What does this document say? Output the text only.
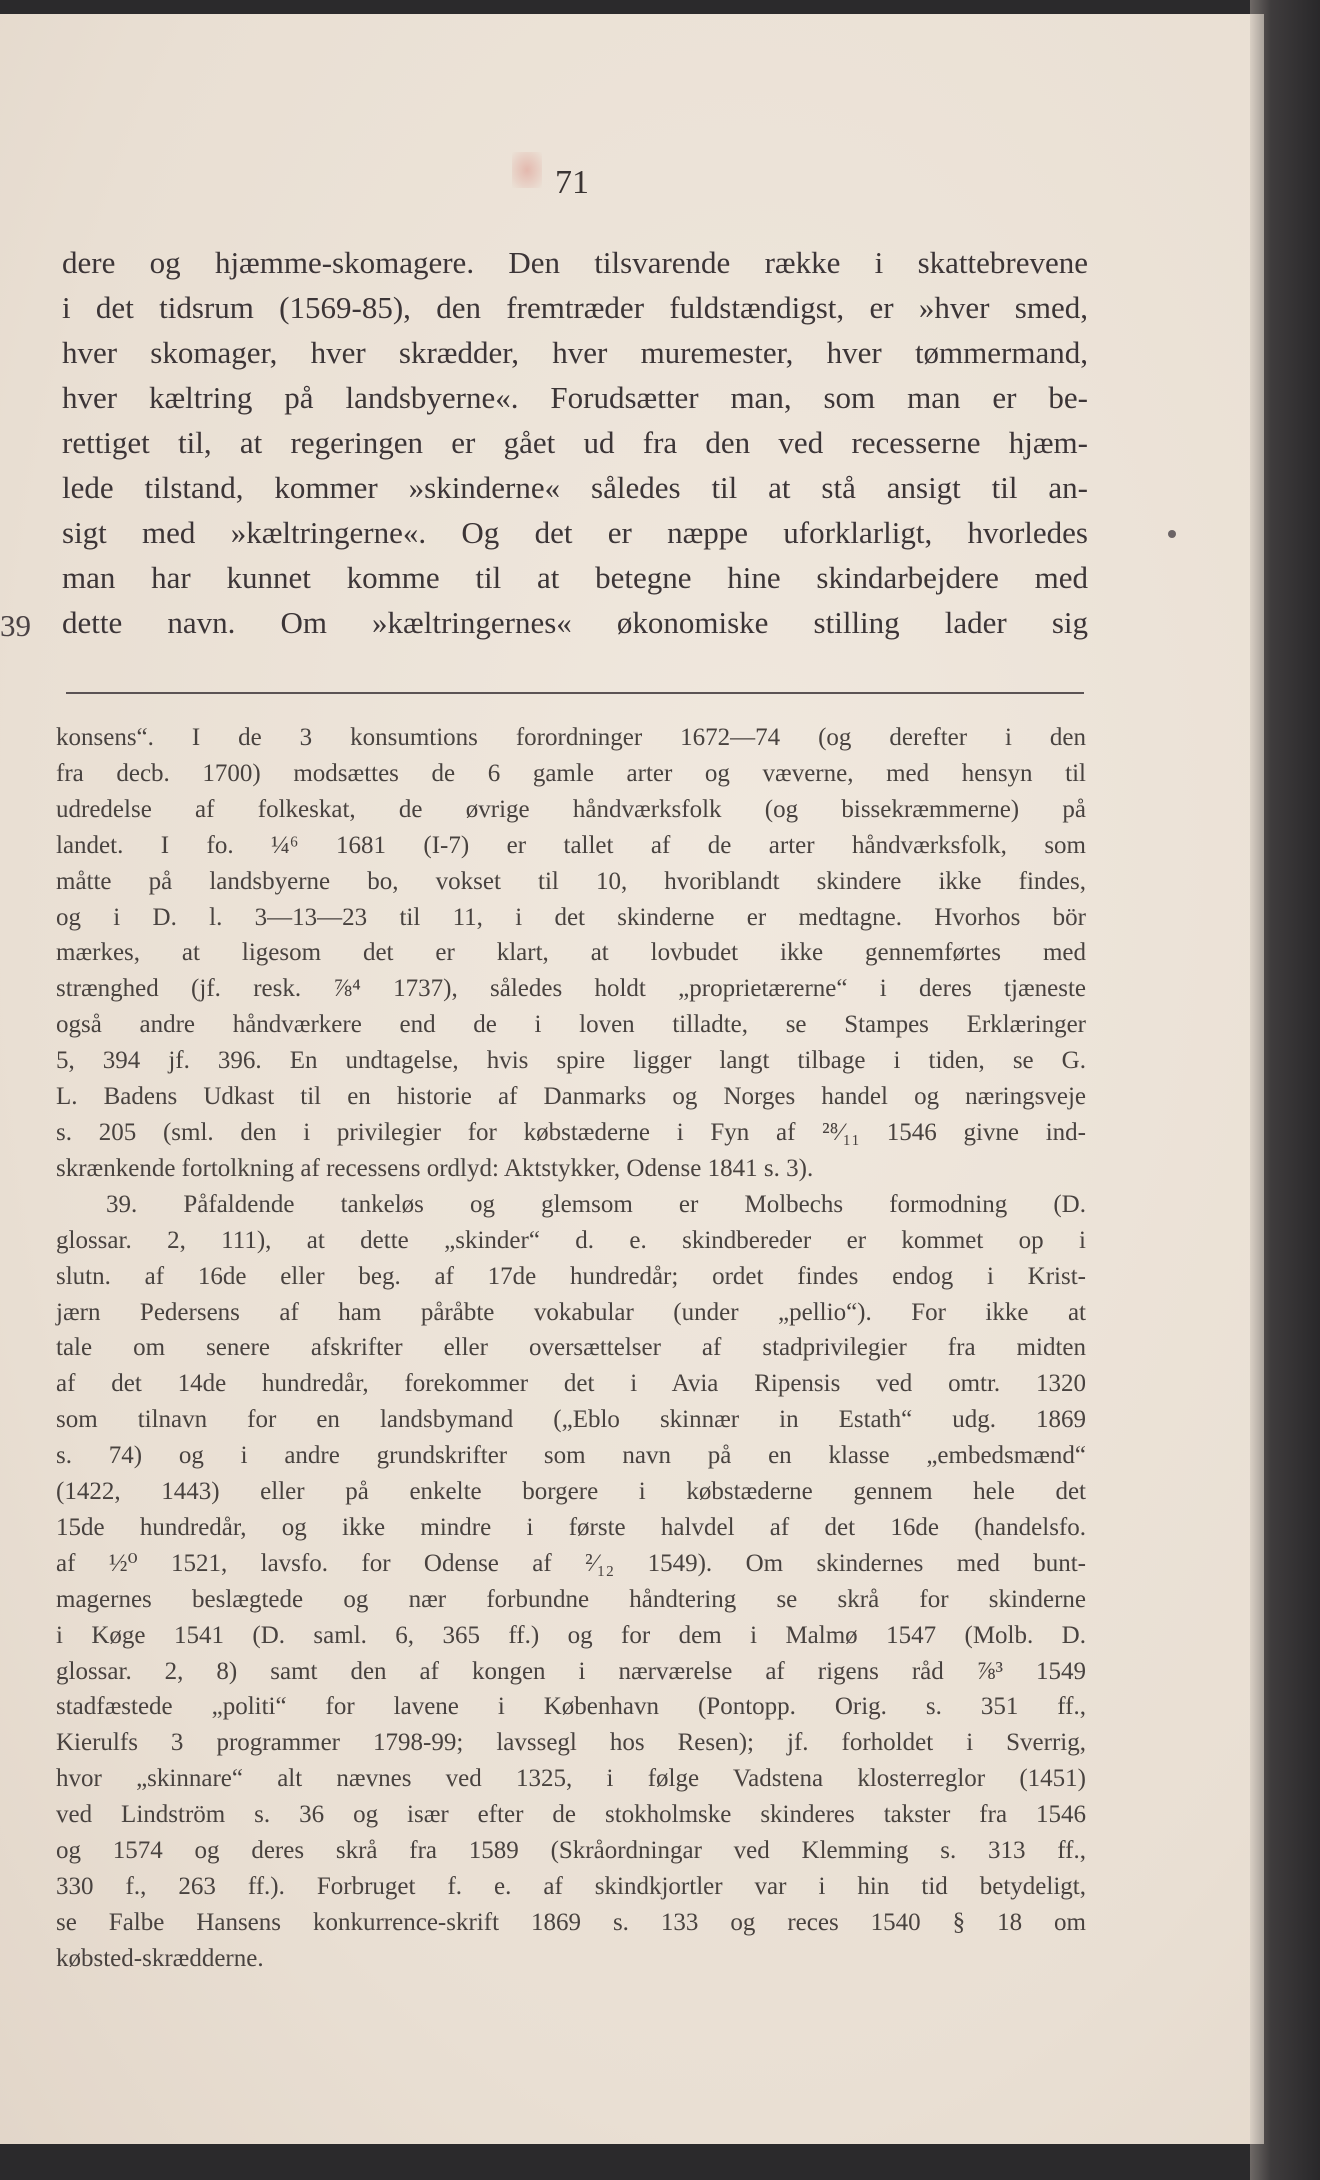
71
39
dere og hjæmme-skomagere. Den tilsvarende række i skattebrevene
i det tidsrum (1569-85), den fremtræder fuldstændigst, er »hver smed,
hver skomager, hver skrædder, hver muremester, hver tømmermand,
hver kæltring på landsbyerne«. Forudsætter man, som man er be-
rettiget til, at regeringen er gået ud fra den ved recesserne hjæm-
lede tilstand, kommer »skinderne« således til at stå ansigt til an-
sigt med »kæltringerne«. Og det er næppe uforklarligt, hvorledes
man har kunnet komme til at betegne hine skindarbejdere med
dette navn. Om »kæltringernes« økonomiske stilling lader sig
konsens“. I de 3 konsumtions forordninger 1672—74 (og derefter i den
fra decb. 1700) modsættes de 6 gamle arter og væverne, med hensyn til
udredelse af folkeskat, de øvrige håndværksfolk (og bissekræmmerne) på
landet. I fo. ¼⁶ 1681 (I-7) er tallet af de arter håndværksfolk, som
måtte på landsbyerne bo, vokset til 10, hvoriblandt skindere ikke findes,
og i D. l. 3—13—23 til 11, i det skinderne er medtagne. Hvorhos bör
mærkes, at ligesom det er klart, at lovbudet ikke gennemførtes med
strænghed (jf. resk. ⅞⁴ 1737), således holdt „proprietærerne“ i deres tjæneste
også andre håndværkere end de i loven tilladte, se Stampes Erklæringer
5, 394 jf. 396. En undtagelse, hvis spire ligger langt tilbage i tiden, se G.
L. Badens Udkast til en historie af Danmarks og Norges handel og næringsveje
s. 205 (sml. den i privilegier for købstæderne i Fyn af ²⁸⁄₁₁ 1546 givne ind-
skrænkende fortolkning af recessens ordlyd: Aktstykker, Odense 1841 s. 3).
39. Påfaldende tankeløs og glemsom er Molbechs formodning (D.
glossar. 2, 111), at dette „skinder“ d. e. skindbereder er kommet op i
slutn. af 16de eller beg. af 17de hundredår; ordet findes endog i Krist-
jærn Pedersens af ham påråbte vokabular (under „pellio“). For ikke at
tale om senere afskrifter eller oversættelser af stadprivilegier fra midten
af det 14de hundredår, forekommer det i Avia Ripensis ved omtr. 1320
som tilnavn for en landsbymand („Eblo skinnær in Estath“ udg. 1869
s. 74) og i andre grundskrifter som navn på en klasse „embedsmænd“
(1422, 1443) eller på enkelte borgere i købstæderne gennem hele det
15de hundredår, og ikke mindre i første halvdel af det 16de (handelsfo.
af ½⁰ 1521, lavsfo. for Odense af ²⁄₁₂ 1549). Om skindernes med bunt-
magernes beslægtede og nær forbundne håndtering se skrå for skinderne
i Køge 1541 (D. saml. 6, 365 ff.) og for dem i Malmø 1547 (Molb. D.
glossar. 2, 8) samt den af kongen i nærværelse af rigens råd ⅞³ 1549
stadfæstede „politi“ for lavene i København (Pontopp. Orig. s. 351 ff.,
Kierulfs 3 programmer 1798-99; lavssegl hos Resen); jf. forholdet i Sverrig,
hvor „skinnare“ alt nævnes ved 1325, i følge Vadstena klosterreglor (1451)
ved Lindström s. 36 og især efter de stokholmske skinderes takster fra 1546
og 1574 og deres skrå fra 1589 (Skråordningar ved Klemming s. 313 ff.,
330 f., 263 ff.). Forbruget f. e. af skindkjortler var i hin tid betydeligt,
se Falbe Hansens konkurrence-skrift 1869 s. 133 og reces 1540 § 18 om
købsted-skrædderne.
